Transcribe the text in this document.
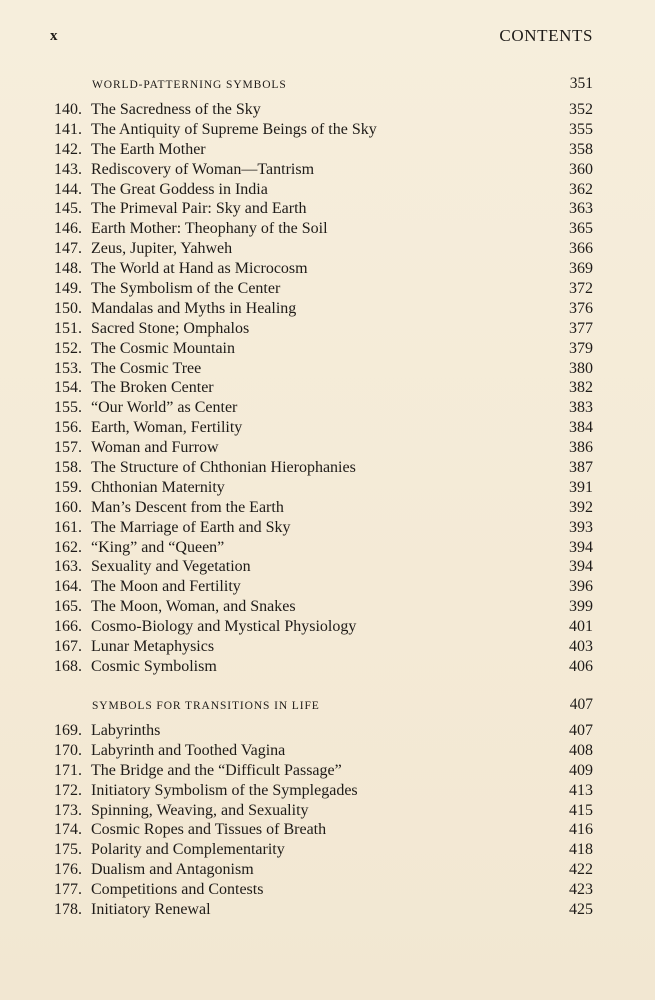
x	CONTENTS
WORLD-PATTERNING SYMBOLS	351
140. The Sacredness of the Sky	352
141. The Antiquity of Supreme Beings of the Sky	355
142. The Earth Mother	358
143. Rediscovery of Woman—Tantrism	360
144. The Great Goddess in India	362
145. The Primeval Pair: Sky and Earth	363
146. Earth Mother: Theophany of the Soil	365
147. Zeus, Jupiter, Yahweh	366
148. The World at Hand as Microcosm	369
149. The Symbolism of the Center	372
150. Mandalas and Myths in Healing	376
151. Sacred Stone; Omphalos	377
152. The Cosmic Mountain	379
153. The Cosmic Tree	380
154. The Broken Center	382
155. “Our World” as Center	383
156. Earth, Woman, Fertility	384
157. Woman and Furrow	386
158. The Structure of Chthonian Hierophanies	387
159. Chthonian Maternity	391
160. Man’s Descent from the Earth	392
161. The Marriage of Earth and Sky	393
162. “King” and “Queen”	394
163. Sexuality and Vegetation	394
164. The Moon and Fertility	396
165. The Moon, Woman, and Snakes	399
166. Cosmo-Biology and Mystical Physiology	401
167. Lunar Metaphysics	403
168. Cosmic Symbolism	406
SYMBOLS FOR TRANSITIONS IN LIFE	407
169. Labyrinths	407
170. Labyrinth and Toothed Vagina	408
171. The Bridge and the “Difficult Passage”	409
172. Initiatory Symbolism of the Symplegades	413
173. Spinning, Weaving, and Sexuality	415
174. Cosmic Ropes and Tissues of Breath	416
175. Polarity and Complementarity	418
176. Dualism and Antagonism	422
177. Competitions and Contests	423
178. Initiatory Renewal	425
